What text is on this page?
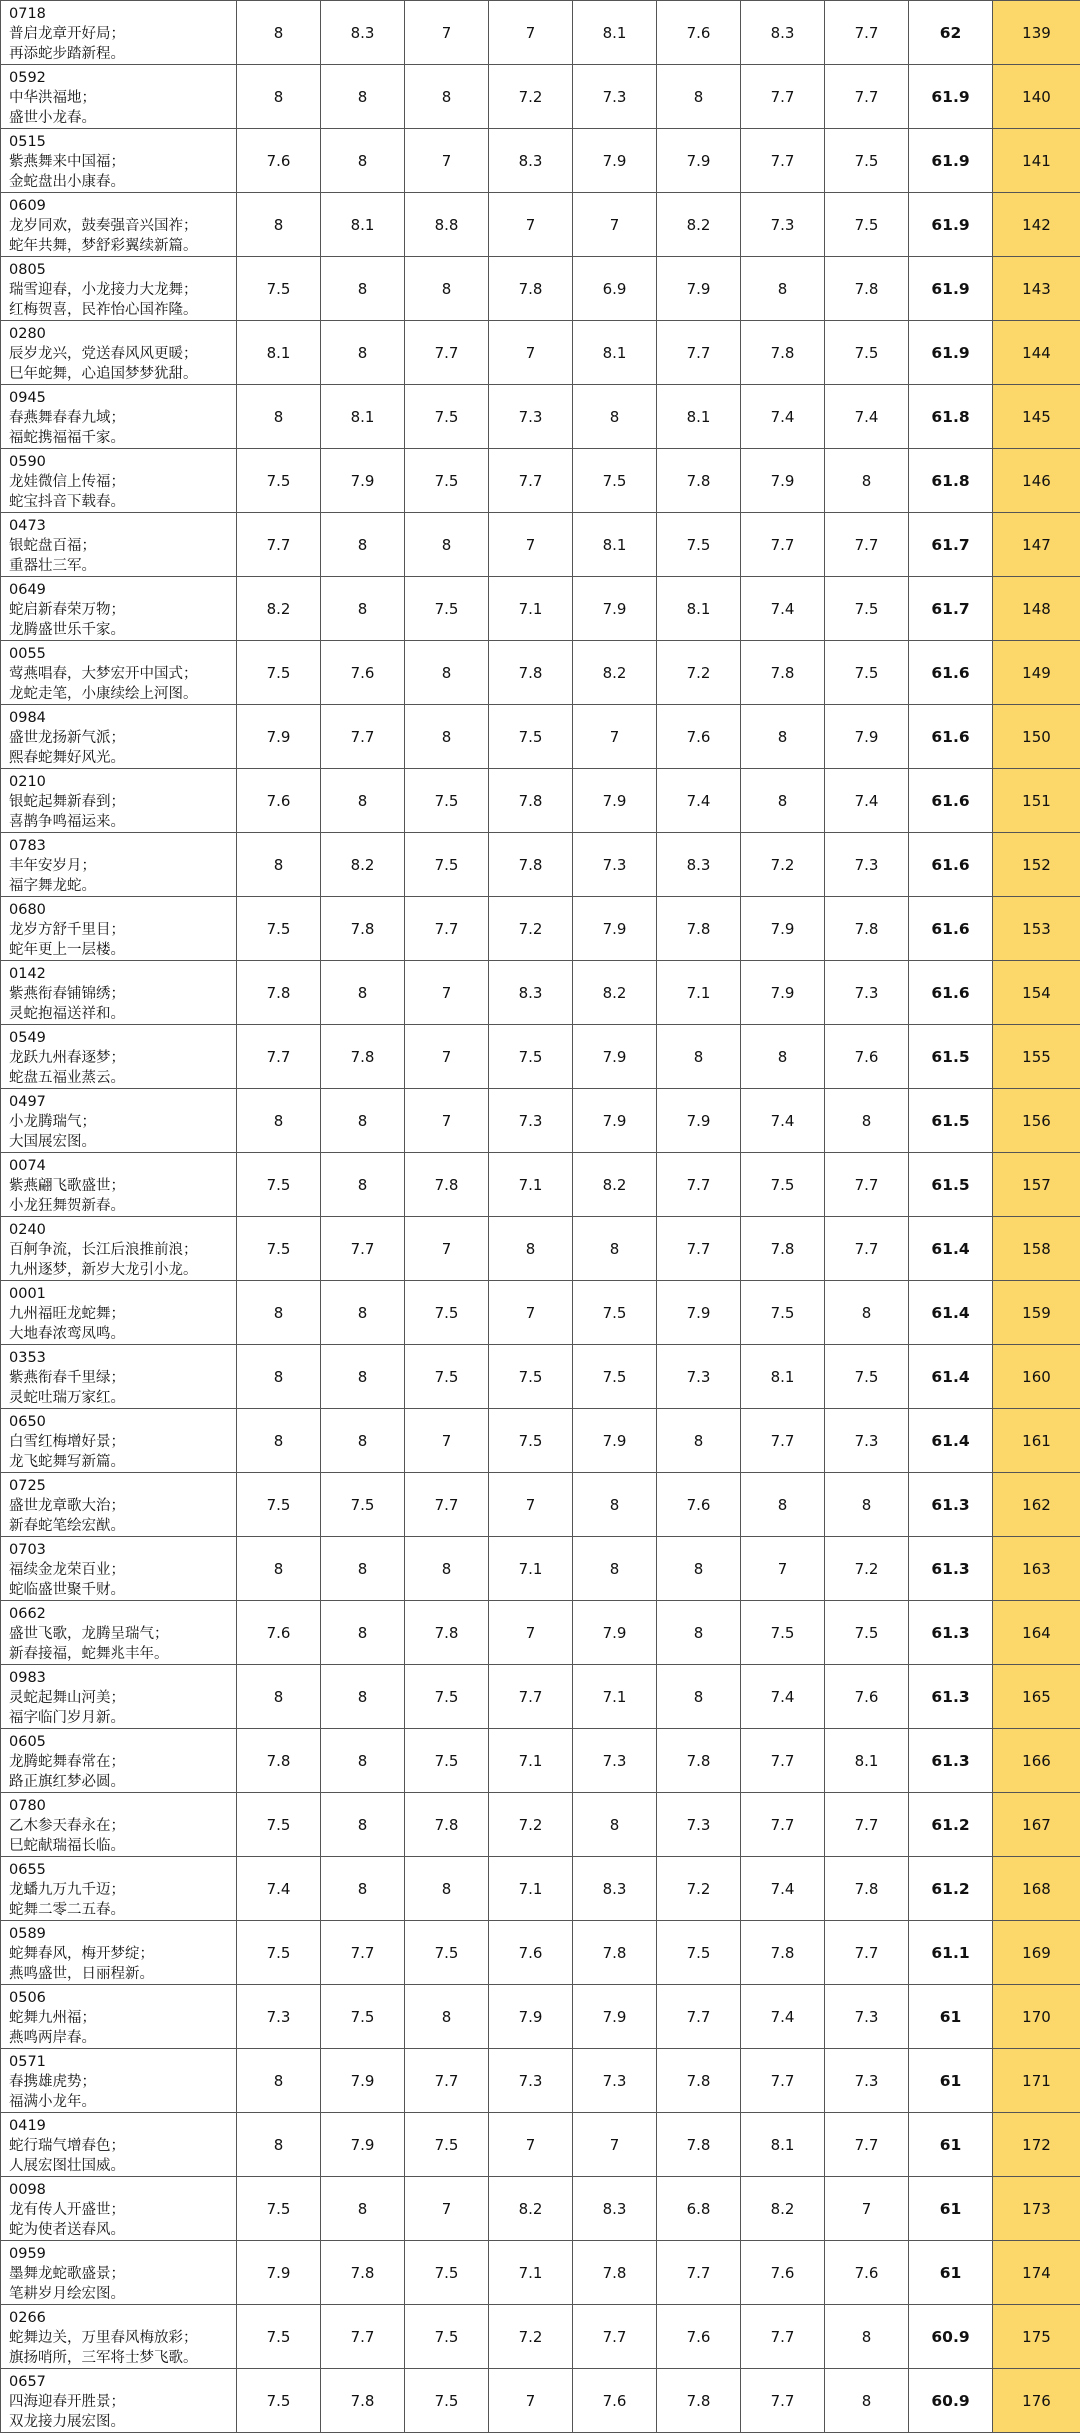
0718
普启龙章开好局；
再添蛇步踏新程。	8	8.3	7	7	8.1	7.6	8.3	7.7	62	139

0592
中华洪福地；
盛世小龙春。	8	8	8	7.2	7.3	8	7.7	7.7	61.9	140

0515
紫燕舞来中国福；
金蛇盘出小康春。	7.6	8	7	8.3	7.9	7.9	7.7	7.5	61.9	141

0609
龙岁同欢，鼓奏强音兴国祚；
蛇年共舞，梦舒彩翼续新篇。	8	8.1	8.8	7	7	8.2	7.3	7.5	61.9	142

0805
瑞雪迎春，小龙接力大龙舞；
红梅贺喜，民祚怡心国祚隆。	7.5	8	8	7.8	6.9	7.9	8	7.8	61.9	143

0280
辰岁龙兴，党送春风风更暖；
巳年蛇舞，心追国梦梦犹甜。	8.1	8	7.7	7	8.1	7.7	7.8	7.5	61.9	144

0945
春燕舞春春九域；
福蛇携福福千家。	8	8.1	7.5	7.3	8	8.1	7.4	7.4	61.8	145

0590
龙娃微信上传福；
蛇宝抖音下载春。	7.5	7.9	7.5	7.7	7.5	7.8	7.9	8	61.8	146

0473
银蛇盘百福；
重器壮三军。	7.7	8	8	7	8.1	7.5	7.7	7.7	61.7	147

0649
蛇启新春荣万物；
龙腾盛世乐千家。	8.2	8	7.5	7.1	7.9	8.1	7.4	7.5	61.7	148

0055
莺燕唱春，大梦宏开中国式；
龙蛇走笔，小康续绘上河图。	7.5	7.6	8	7.8	8.2	7.2	7.8	7.5	61.6	149

0984
盛世龙扬新气派；
熙春蛇舞好风光。	7.9	7.7	8	7.5	7	7.6	8	7.9	61.6	150

0210
银蛇起舞新春到；
喜鹊争鸣福运来。	7.6	8	7.5	7.8	7.9	7.4	8	7.4	61.6	151

0783
丰年安岁月；
福字舞龙蛇。	8	8.2	7.5	7.8	7.3	8.3	7.2	7.3	61.6	152

0680
龙岁方舒千里目；
蛇年更上一层楼。	7.5	7.8	7.7	7.2	7.9	7.8	7.9	7.8	61.6	153

0142
紫燕衔春铺锦绣；
灵蛇抱福送祥和。	7.8	8	7	8.3	8.2	7.1	7.9	7.3	61.6	154

0549
龙跃九州春逐梦；
蛇盘五福业蒸云。	7.7	7.8	7	7.5	7.9	8	8	7.6	61.5	155

0497
小龙腾瑞气；
大国展宏图。	8	8	7	7.3	7.9	7.9	7.4	8	61.5	156

0074
紫燕翩飞歌盛世；
小龙狂舞贺新春。	7.5	8	7.8	7.1	8.2	7.7	7.5	7.7	61.5	157

0240
百舸争流，长江后浪推前浪；
九州逐梦，新岁大龙引小龙。	7.5	7.7	7	8	8	7.7	7.8	7.7	61.4	158

0001
九州福旺龙蛇舞；
大地春浓鸾凤鸣。	8	8	7.5	7	7.5	7.9	7.5	8	61.4	159

0353
紫燕衔春千里绿；
灵蛇吐瑞万家红。	8	8	7.5	7.5	7.5	7.3	8.1	7.5	61.4	160

0650
白雪红梅增好景；
龙飞蛇舞写新篇。	8	8	7	7.5	7.9	8	7.7	7.3	61.4	161

0725
盛世龙章歌大治；
新春蛇笔绘宏猷。	7.5	7.5	7.7	7	8	7.6	8	8	61.3	162

0703
福续金龙荣百业；
蛇临盛世聚千财。	8	8	8	7.1	8	8	7	7.2	61.3	163

0662
盛世飞歌，龙腾呈瑞气；
新春接福，蛇舞兆丰年。	7.6	8	7.8	7	7.9	8	7.5	7.5	61.3	164

0983
灵蛇起舞山河美；
福字临门岁月新。	8	8	7.5	7.7	7.1	8	7.4	7.6	61.3	165

0605
龙腾蛇舞春常在；
路正旗红梦必圆。	7.8	8	7.5	7.1	7.3	7.8	7.7	8.1	61.3	166

0780
乙木参天春永在；
巳蛇献瑞福长临。	7.5	8	7.8	7.2	8	7.3	7.7	7.7	61.2	167

0655
龙蟠九万九千迈；
蛇舞二零二五春。	7.4	8	8	7.1	8.3	7.2	7.4	7.8	61.2	168

0589
蛇舞春风，梅开梦绽；
燕鸣盛世，日丽程新。	7.5	7.7	7.5	7.6	7.8	7.5	7.8	7.7	61.1	169

0506
蛇舞九州福；
燕鸣两岸春。	7.3	7.5	8	7.9	7.9	7.7	7.4	7.3	61	170

0571
春携雄虎势；
福满小龙年。	8	7.9	7.7	7.3	7.3	7.8	7.7	7.3	61	171

0419
蛇行瑞气增春色；
人展宏图壮国威。	8	7.9	7.5	7	7	7.8	8.1	7.7	61	172

0098
龙有传人开盛世；
蛇为使者送春风。	7.5	8	7	8.2	8.3	6.8	8.2	7	61	173

0959
墨舞龙蛇歌盛景；
笔耕岁月绘宏图。	7.9	7.8	7.5	7.1	7.8	7.7	7.6	7.6	61	174

0266
蛇舞边关，万里春风梅放彩；
旗扬哨所，三军将士梦飞歌。	7.5	7.7	7.5	7.2	7.7	7.6	7.7	8	60.9	175

0657
四海迎春开胜景；
双龙接力展宏图。	7.5	7.8	7.5	7	7.6	7.8	7.7	8	60.9	176
